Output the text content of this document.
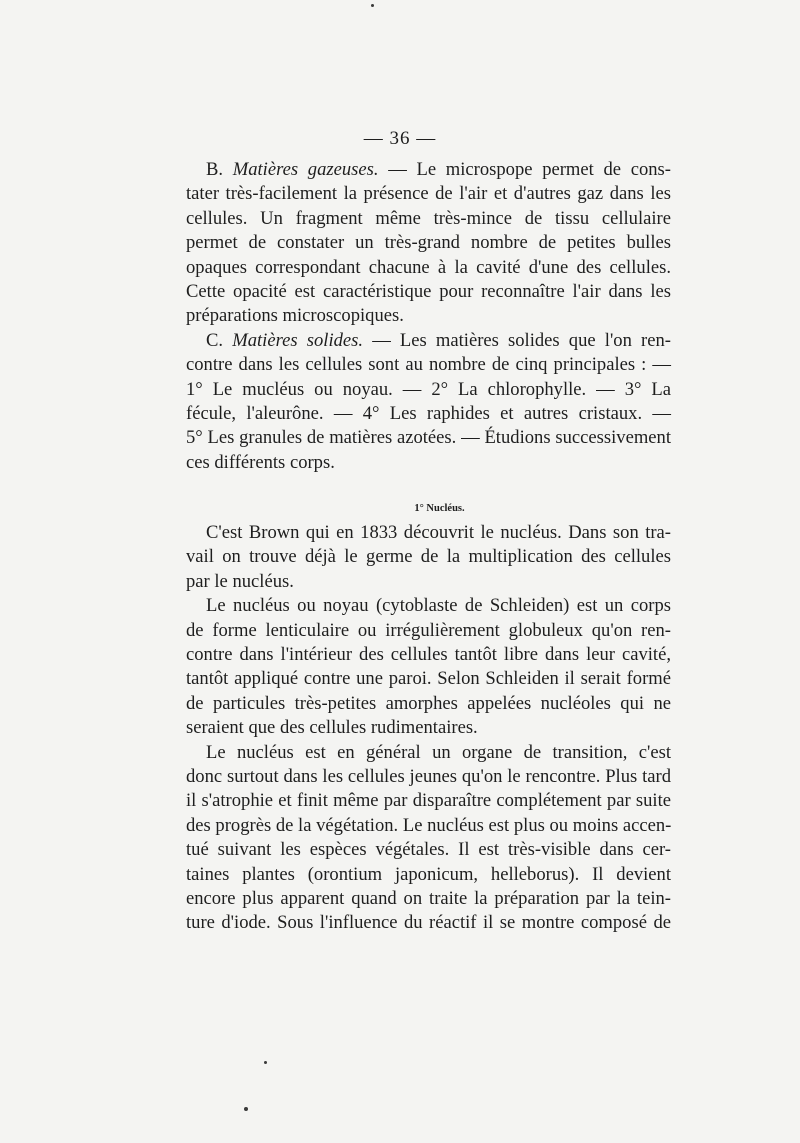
— 36 —
B. Matières gazeuses. — Le microspope permet de cons-
tater très-facilement la présence de l'air et d'autres gaz dans les
cellules. Un fragment même très-mince de tissu cellulaire
permet de constater un très-grand nombre de petites bulles
opaques correspondant chacune à la cavité d'une des cellules.
Cette opacité est caractéristique pour reconnaître l'air dans les
préparations microscopiques.
C. Matières solides. — Les matières solides que l'on ren-
contre dans les cellules sont au nombre de cinq principales : —
1° Le mucléus ou noyau. — 2° La chlorophylle. — 3° La
fécule, l'aleurône. — 4° Les raphides et autres cristaux. —
5° Les granules de matières azotées. — Étudions successivement
ces différents corps.
1° Nucléus.
C'est Brown qui en 1833 découvrit le nucléus. Dans son tra-
vail on trouve déjà le germe de la multiplication des cellules
par le nucléus.
Le nucléus ou noyau (cytoblaste de Schleiden) est un corps
de forme lenticulaire ou irrégulièrement globuleux qu'on ren-
contre dans l'intérieur des cellules tantôt libre dans leur cavité,
tantôt appliqué contre une paroi. Selon Schleiden il serait formé
de particules très-petites amorphes appelées nucléoles qui ne
seraient que des cellules rudimentaires.
Le nucléus est en général un organe de transition, c'est
donc surtout dans les cellules jeunes qu'on le rencontre. Plus tard
il s'atrophie et finit même par disparaître complétement par suite
des progrès de la végétation. Le nucléus est plus ou moins accen-
tué suivant les espèces végétales. Il est très-visible dans cer-
taines plantes (orontium japonicum, helleborus). Il devient
encore plus apparent quand on traite la préparation par la tein-
ture d'iode. Sous l'influence du réactif il se montre composé de
